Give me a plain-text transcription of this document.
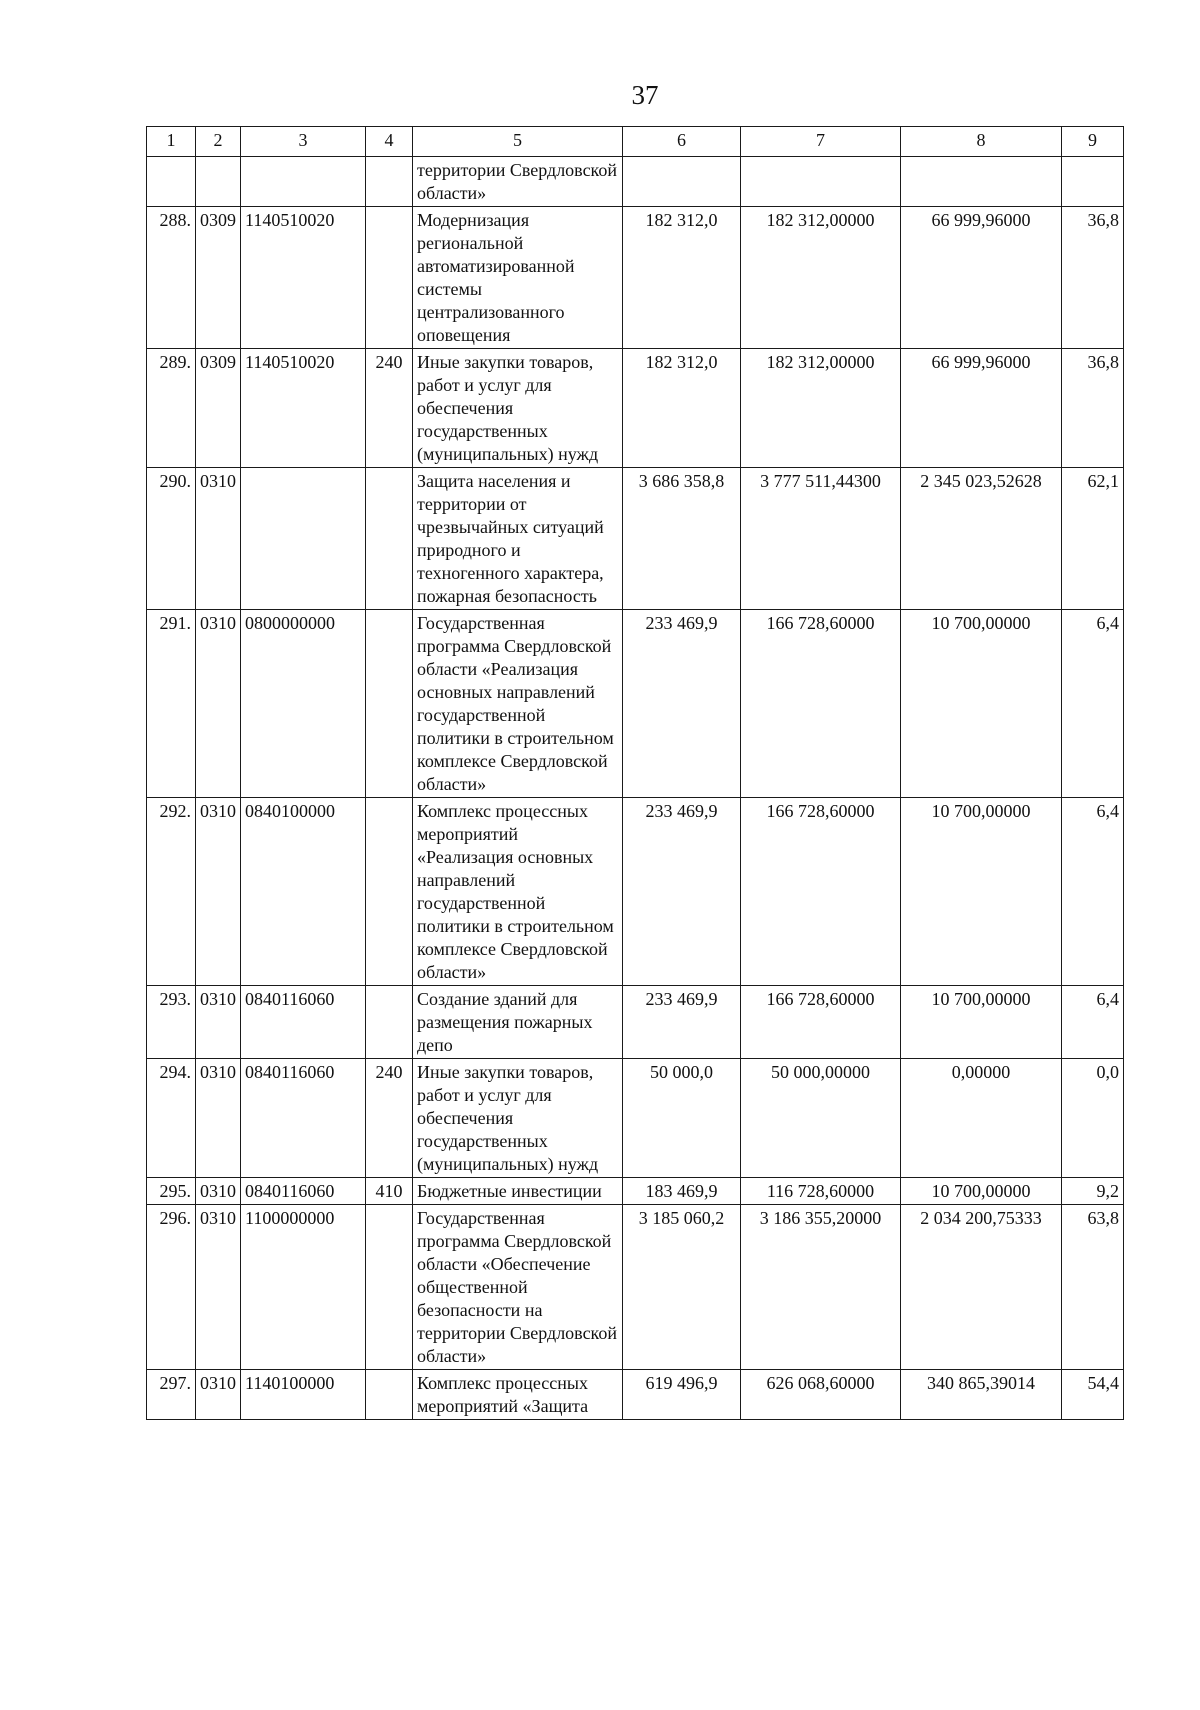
37
1	2	3	4	5	6	7	8	9
				территории Свердловской области»				
288.	0309	1140510020		Модернизация региональной автоматизированной системы централизованного оповещения	182 312,0	182 312,00000	66 999,96000	36,8
289.	0309	1140510020	240	Иные закупки товаров, работ и услуг для обеспечения государственных (муниципальных) нужд	182 312,0	182 312,00000	66 999,96000	36,8
290.	0310			Защита населения и территории от чрезвычайных ситуаций природного и техногенного характера, пожарная безопасность	3 686 358,8	3 777 511,44300	2 345 023,52628	62,1
291.	0310	0800000000		Государственная программа Свердловской области «Реализация основных направлений государственной политики в строительном комплексе Свердловской области»	233 469,9	166 728,60000	10 700,00000	6,4
292.	0310	0840100000		Комплекс процессных мероприятий «Реализация основных направлений государственной политики в строительном комплексе Свердловской области»	233 469,9	166 728,60000	10 700,00000	6,4
293.	0310	0840116060		Создание зданий для размещения пожарных депо	233 469,9	166 728,60000	10 700,00000	6,4
294.	0310	0840116060	240	Иные закупки товаров, работ и услуг для обеспечения государственных (муниципальных) нужд	50 000,0	50 000,00000	0,00000	0,0
295.	0310	0840116060	410	Бюджетные инвестиции	183 469,9	116 728,60000	10 700,00000	9,2
296.	0310	1100000000		Государственная программа Свердловской области «Обеспечение общественной безопасности на территории Свердловской области»	3 185 060,2	3 186 355,20000	2 034 200,75333	63,8
297.	0310	1140100000		Комплекс процессных мероприятий «Защита	619 496,9	626 068,60000	340 865,39014	54,4
